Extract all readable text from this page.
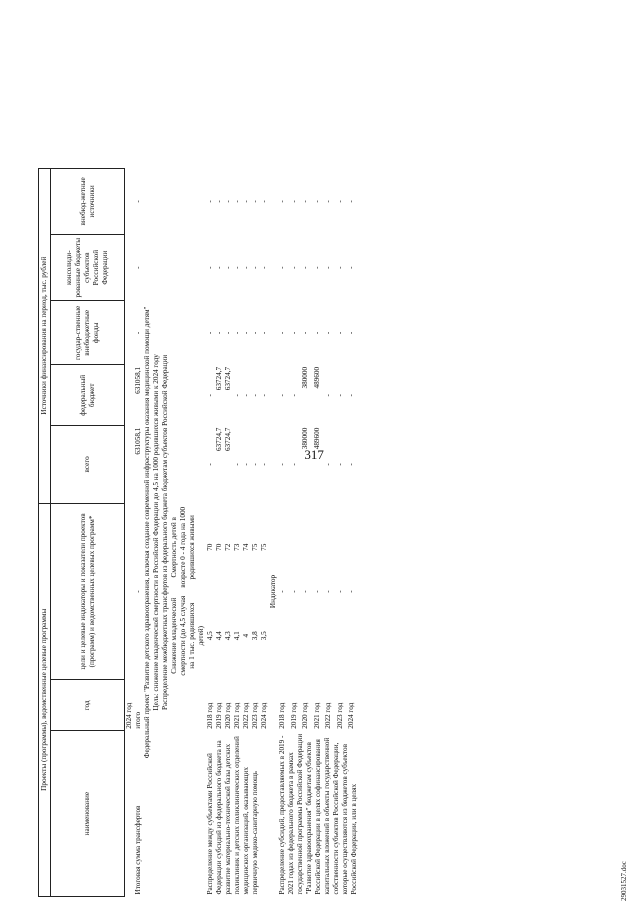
317
29031527.doc
Проекты (программы), ведомственные целевые программы				Источники финансирования на период, тыс. рублей						
наименование	год	цели и целевые индикаторы и показатели проектов (программ) и ведомственных целевых программ*		всего	федеральный бюджет	государ-ственные внебюджетные фонды	консолиди-рованные бюджеты субъектов Российской Федерации	внебюд-жетные источники		
	2024 год									
Итоговая сумма трансфертов	итого	-		631058,1	631058,1	-	-	-		
Федеральный проект "Развитие детского здравоохранения, включая создание современной инфраструктуры оказания медицинской помощи детям"										
Цель: снижение младенческой смертности в Российской Федерации до 4,5 на 1000 родившихся живыми к 2024 году										
Распределение межбюджетных трансфертов из федерального бюджета бюджетам субъектов Российской Федерации										
		Снижение младенческой смертности (до 4,5 случая на 1 тыс. родившихся детей)	Смертность детей в возрасте 0 - 4 года на 1000 родившихся живыми							
Распределение между субъектами Российской Федерации субсидий из федерального бюджета на развитие материально-технической базы детских поликлиник и детских поликлинических отделений медицинских организаций, оказывающих первичную медико-санитарную помощь	2018 год	4,5	70	-	-	-	-	-		
	2019 год	4,4	70	63724,7	63724,7	-	-	-		
	2020 год	4,3	72	63724,7	63724,7	-	-	-		
	2021 год	4,1	73	-	-	-	-	-		
	2022 год	4	74	-	-	-	-	-		
	2023 год	3,8	75	-	-	-	-	-		
	2024 год	3,5	75	-	-	-	-	-		
		Индикатор								
Распределение субсидий, предоставляемых в 2019 - 2021 годах из федерального бюджета в рамках государственной программы Российской Федерации "Развитие здравоохранения" бюджетам субъектов Российской Федерации в целях софинансирования капитальных вложений в объекты государственной собственности субъектов Российской Федерации, которые осуществляются из бюджетов субъектов Российской Федерации, или в целях	2018 год	-		-	-	-	-	-		
	2019 год	-		-	-	-	-	-		
	2020 год	-		380000	380000	-	-	-		
	2021 год	-		489600	489600	-	-	-		
	2022 год	-		-	-	-	-	-		
	2023 год	-		-	-	-	-	-		
	2024 год	-		-	-	-	-	-		
